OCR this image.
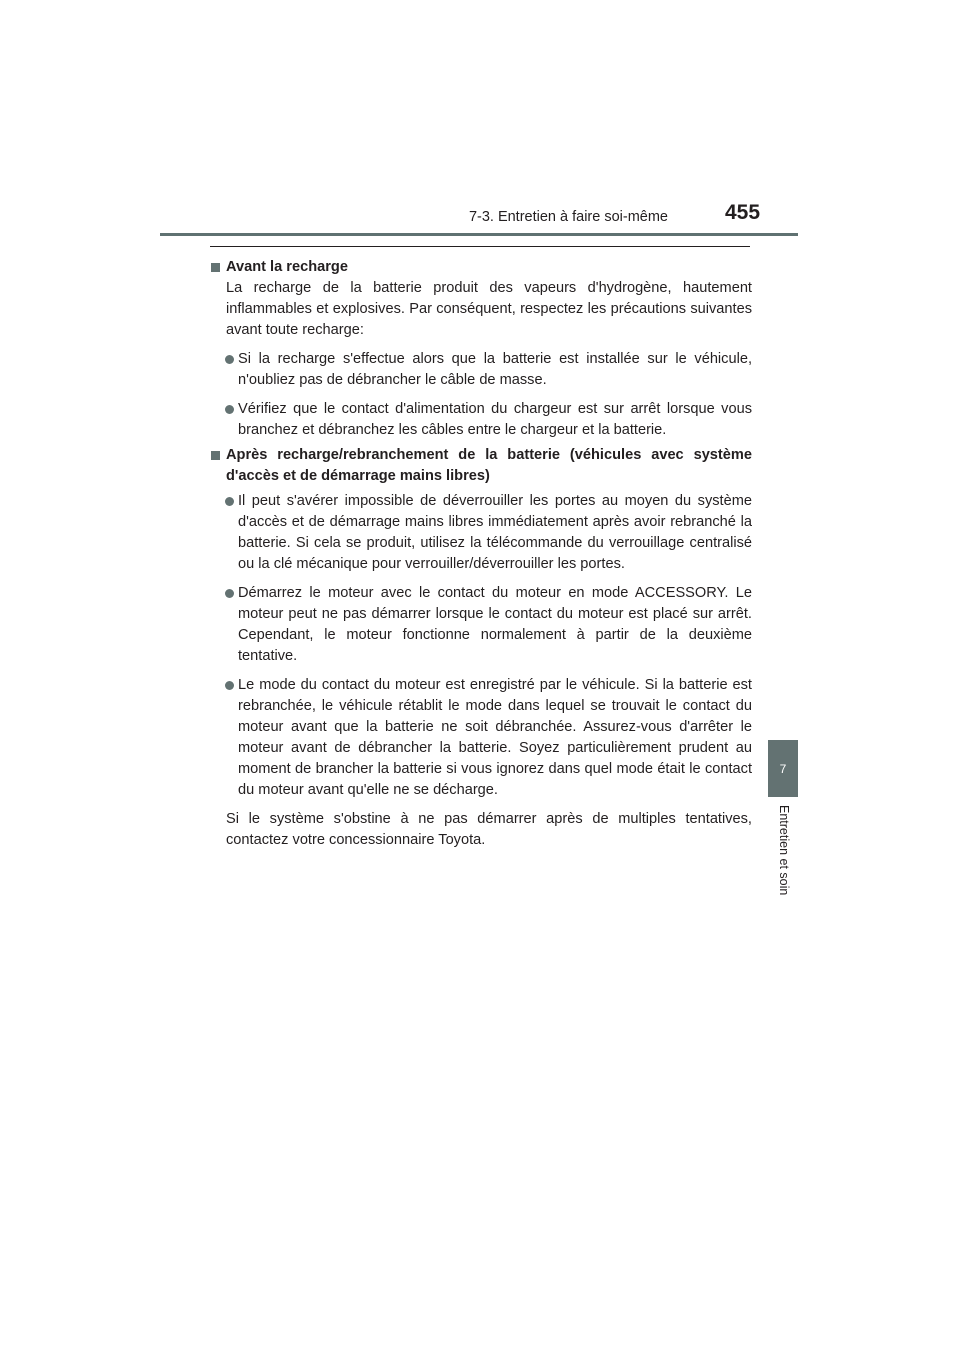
7-3. Entretien à faire soi-même	455
7
Entretien et soin
Avant la recharge

La recharge de la batterie produit des vapeurs d'hydrogène, hautement inflammables et explosives. Par conséquent, respectez les précautions suivantes avant toute recharge:

Si la recharge s'effectue alors que la batterie est installée sur le véhicule, n'oubliez pas de débrancher le câble de masse.
Vérifiez que le contact d'alimentation du chargeur est sur arrêt lorsque vous branchez et débranchez les câbles entre le chargeur et la batterie.
Après recharge/rebranchement de la batterie (véhicules avec système d'accès et de démarrage mains libres)
Il peut s'avérer impossible de déverrouiller les portes au moyen du système d'accès et de démarrage mains libres immédiatement après avoir rebranché la batterie. Si cela se produit, utilisez la télécommande du verrouillage centralisé ou la clé mécanique pour verrouiller/déverrouiller les portes.
Démarrez le moteur avec le contact du moteur en mode ACCESSORY. Le moteur peut ne pas démarrer lorsque le contact du moteur est placé sur arrêt. Cependant, le moteur fonctionne normalement à partir de la deuxième tentative.
Le mode du contact du moteur est enregistré par le véhicule. Si la batterie est rebranchée, le véhicule rétablit le mode dans lequel se trouvait le contact du moteur avant que la batterie ne soit débranchée. Assurez-vous d'arrêter le moteur avant de débrancher la batterie. Soyez particulièrement prudent au moment de brancher la batterie si vous ignorez dans quel mode était le contact du moteur avant qu'elle ne se décharge.

Si le système s'obstine à ne pas démarrer après de multiples tentatives, contactez votre concessionnaire Toyota.
